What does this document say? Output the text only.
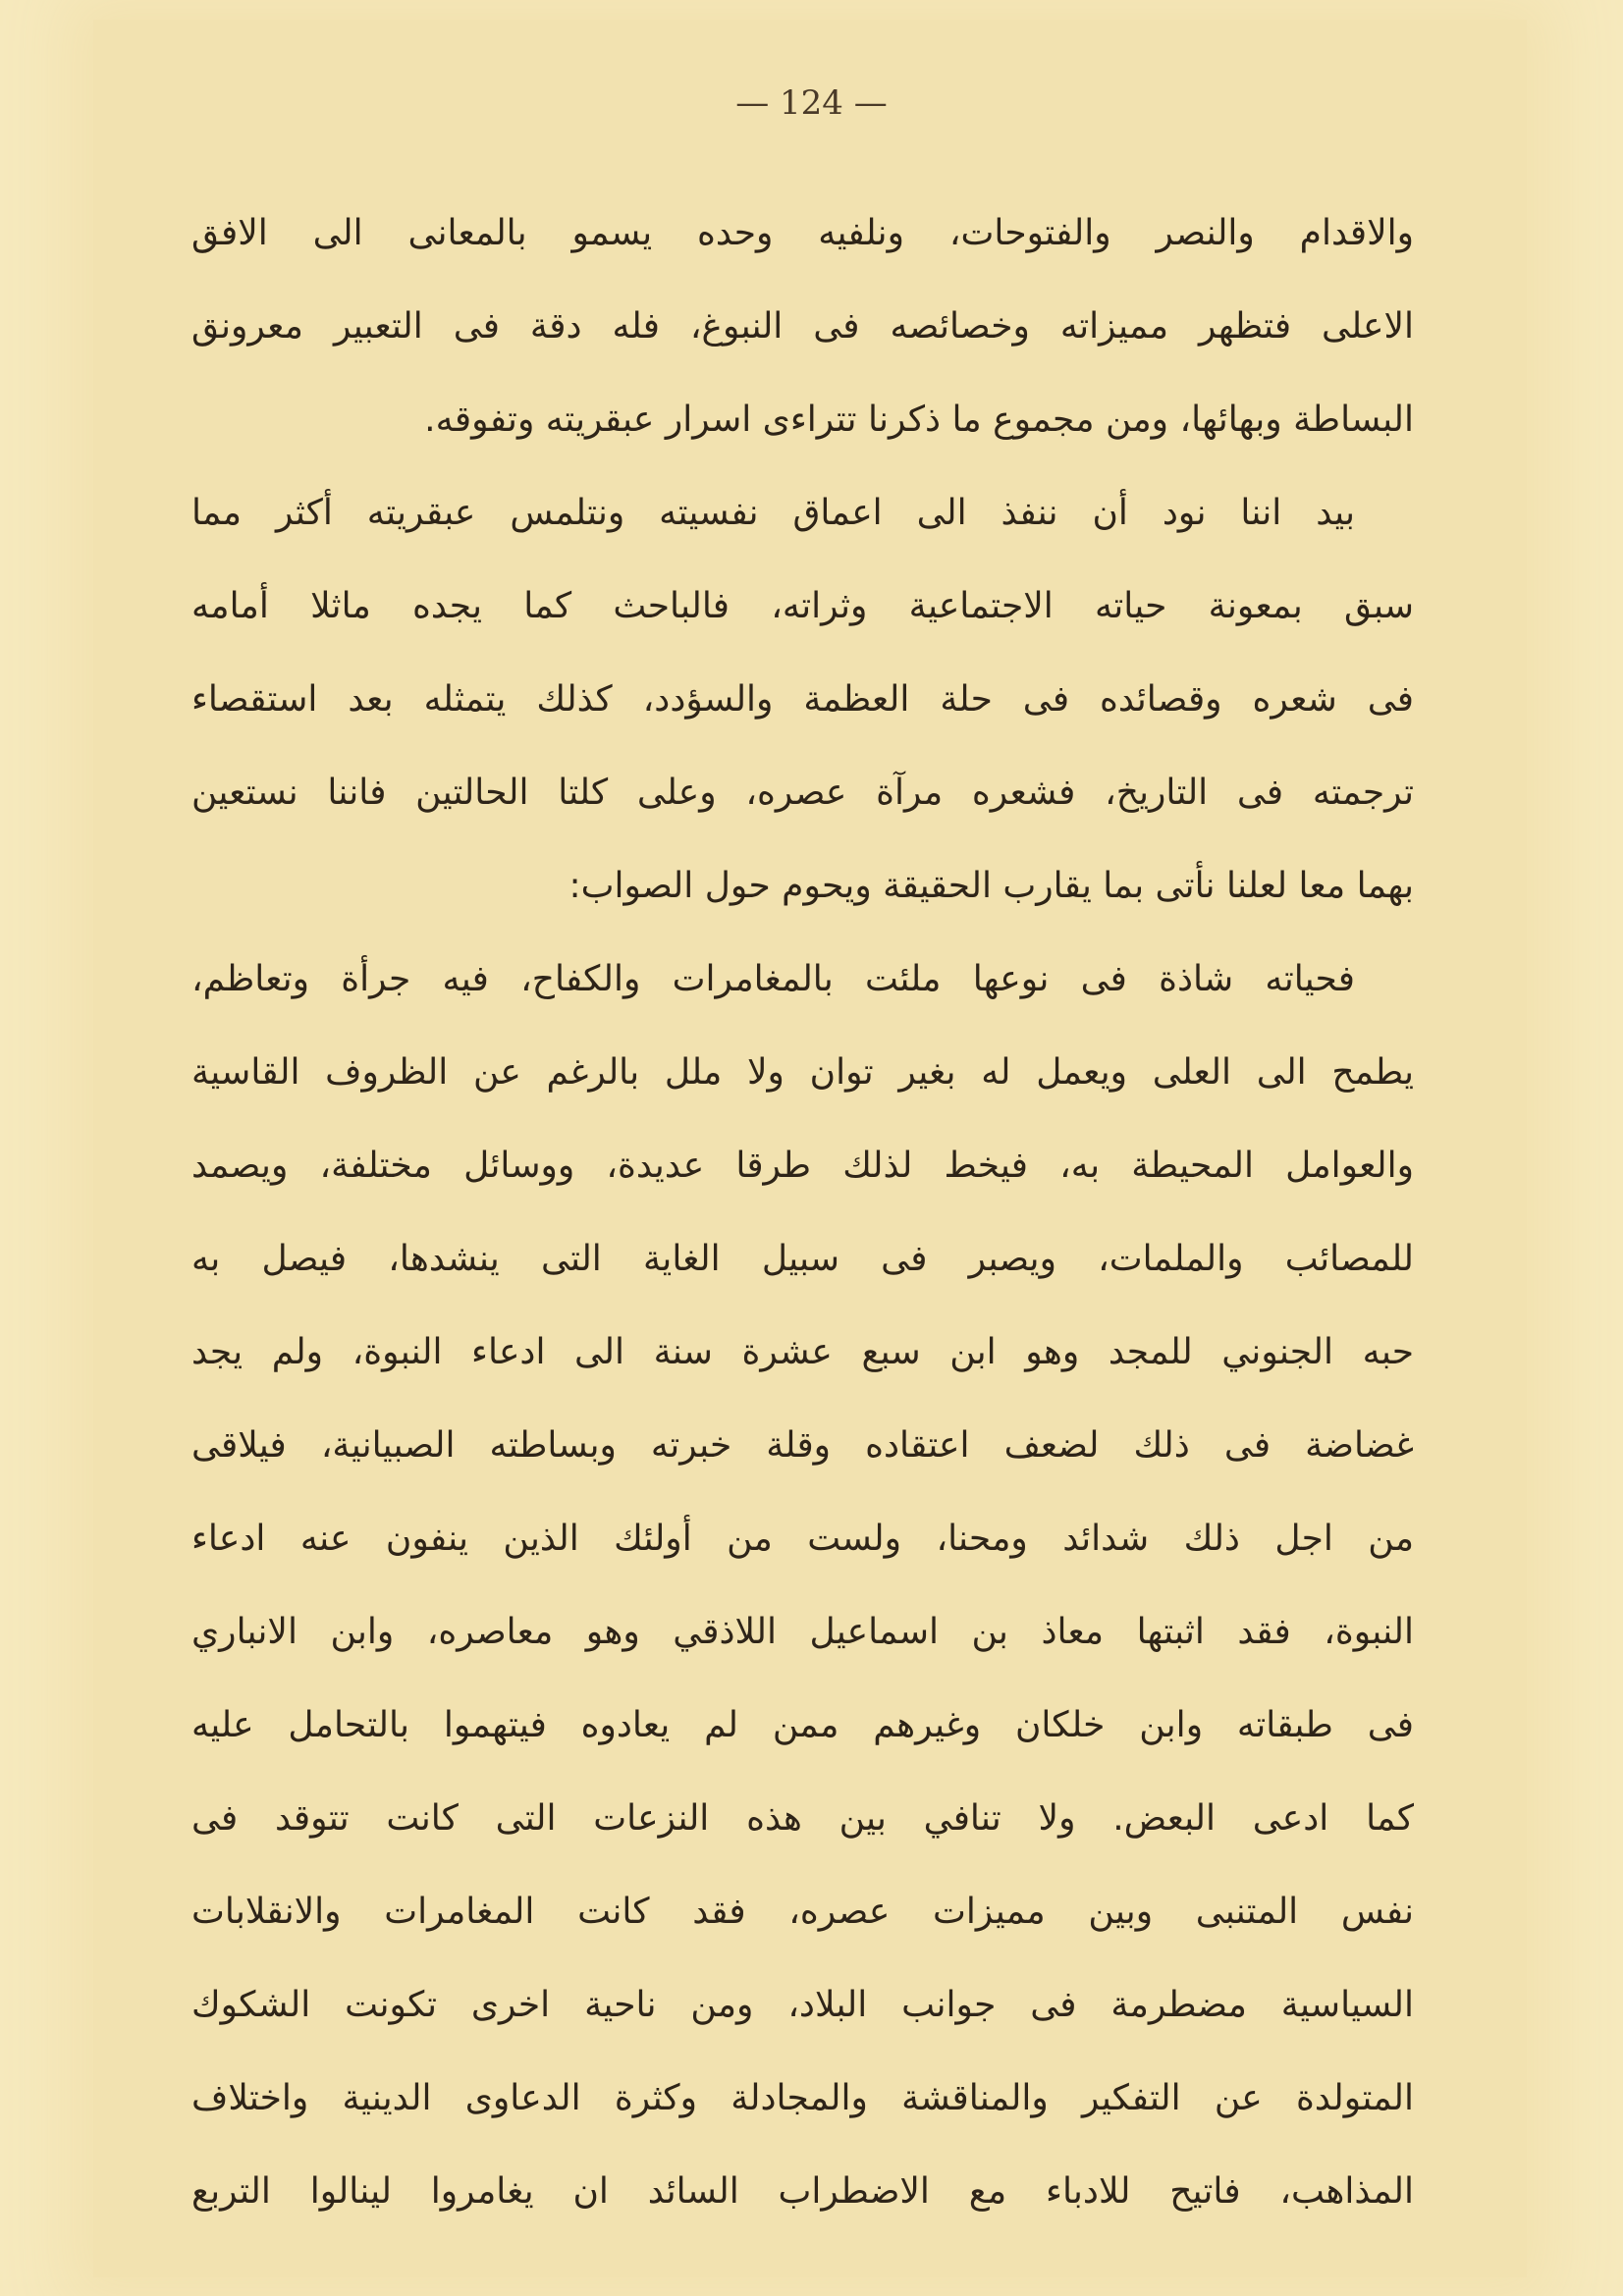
— 124 —
والاقدام والنصر والفتوحات، ونلفيه وحده يسمو بالمعانى الى الافق
الاعلى فتظهر مميزاته وخصائصه فى النبوغ، فله دقة فى التعبير معرونق
البساطة وبهائها، ومن مجموع ما ذكرنا تتراءى اسرار عبقريته وتفوقه.
بيد اننا نود أن ننفذ الى اعماق نفسيته ونتلمس عبقريته أكثر مما
سبق بمعونة حياته الاجتماعية وثراته، فالباحث كما يجده ماثلا أمامه
فى شعره وقصائده فى حلة العظمة والسؤدد، كذلك يتمثله بعد استقصاء
ترجمته فى التاريخ، فشعره مرآة عصره، وعلى كلتا الحالتين فاننا نستعين
بهما معا لعلنا نأتى بما يقارب الحقيقة ويحوم حول الصواب:
فحياته شاذة فى نوعها ملئت بالمغامرات والكفاح، فيه جرأة وتعاظم،
يطمح الى العلى ويعمل له بغير توان ولا ملل بالرغم عن الظروف القاسية
والعوامل المحيطة به، فيخط لذلك طرقا عديدة، ووسائل مختلفة، ويصمد
للمصائب والملمات، ويصبر فى سبيل الغاية التى ينشدها، فيصل به
حبه الجنوني للمجد وهو ابن سبع عشرة سنة الى ادعاء النبوة، ولم يجد
غضاضة فى ذلك لضعف اعتقاده وقلة خبرته وبساطته الصبيانية، فيلاقى
من اجل ذلك شدائد ومحنا، ولست من أولئك الذين ينفون عنه ادعاء
النبوة، فقد اثبتها معاذ بن اسماعيل اللاذقي وهو معاصره، وابن الانباري
فى طبقاته وابن خلكان وغيرهم ممن لم يعادوه فيتهموا بالتحامل عليه
كما ادعى البعض. ولا تنافي بين هذه النزعات التى كانت تتوقد فى
نفس المتنبى وبين مميزات عصره، فقد كانت المغامرات والانقلابات
السياسية مضطرمة فى جوانب البلاد، ومن ناحية اخرى تكونت الشكوك
المتولدة عن التفكير والمناقشة والمجادلة وكثرة الدعاوى الدينية واختلاف
المذاهب، فاتيح للادباء مع الاضطراب السائد ان يغامروا لينالوا التربع
